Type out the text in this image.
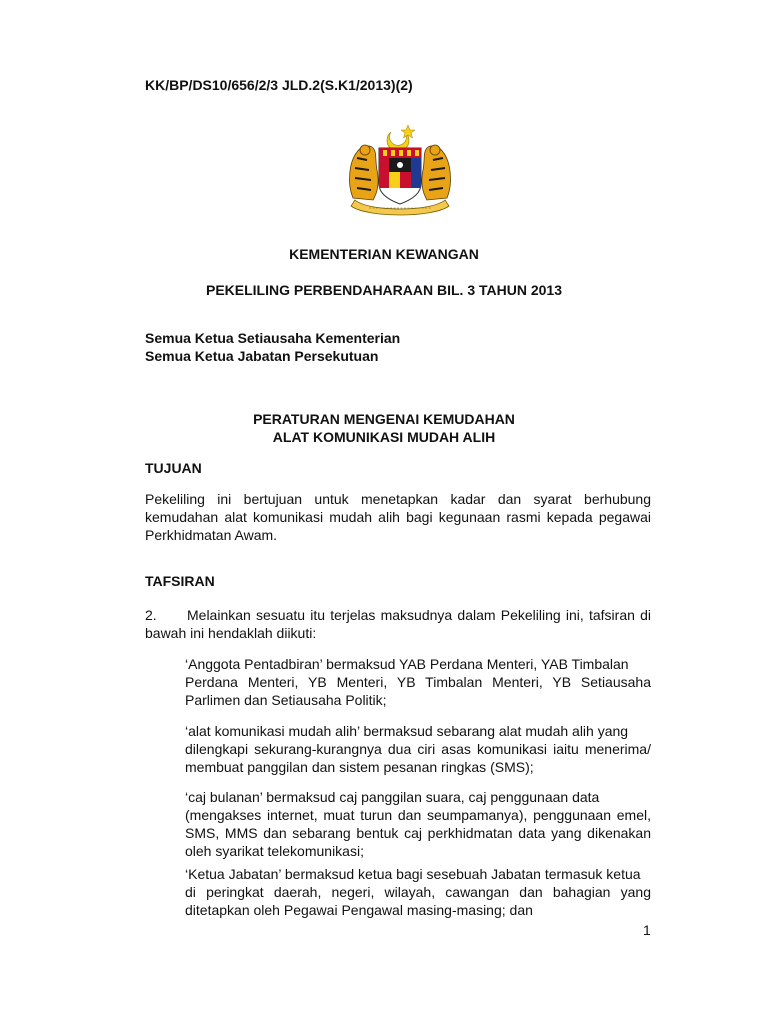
KK/BP/DS10/656/2/3 JLD.2(S.K1/2013)(2)
KEMENTERIAN KEWANGAN
PEKELILING PERBENDAHARAAN BIL. 3 TAHUN 2013
Semua Ketua Setiausaha Kementerian
Semua Ketua Jabatan Persekutuan
PERATURAN MENGENAI KEMUDAHAN
ALAT KOMUNIKASI MUDAH ALIH
TUJUAN
Pekeliling ini bertujuan untuk menetapkan kadar dan syarat berhubung kemudahan alat komunikasi mudah alih bagi kegunaan rasmi kepada pegawai Perkhidmatan Awam.
TAFSIRAN
2.	Melainkan sesuatu itu terjelas maksudnya dalam Pekeliling ini, tafsiran di bawah ini hendaklah diikuti:
‘Anggota Pentadbiran’ bermaksud YAB Perdana Menteri, YAB Timbalan
Perdana Menteri, YB Menteri, YB Timbalan Menteri, YB Setiausaha Parlimen dan Setiausaha Politik;
‘alat komunikasi mudah alih’ bermaksud sebarang alat mudah alih yang
dilengkapi sekurang-kurangnya dua ciri asas komunikasi iaitu menerima/ membuat panggilan dan sistem pesanan ringkas (SMS);
‘caj bulanan’ bermaksud caj panggilan suara, caj penggunaan data
(mengakses internet, muat turun dan seumpamanya), penggunaan emel, SMS, MMS dan sebarang bentuk caj perkhidmatan data yang dikenakan oleh syarikat telekomunikasi;
‘Ketua Jabatan’ bermaksud ketua bagi sesebuah Jabatan termasuk ketua
di peringkat daerah, negeri, wilayah, cawangan dan bahagian yang ditetapkan oleh Pegawai Pengawal masing-masing; dan
1
